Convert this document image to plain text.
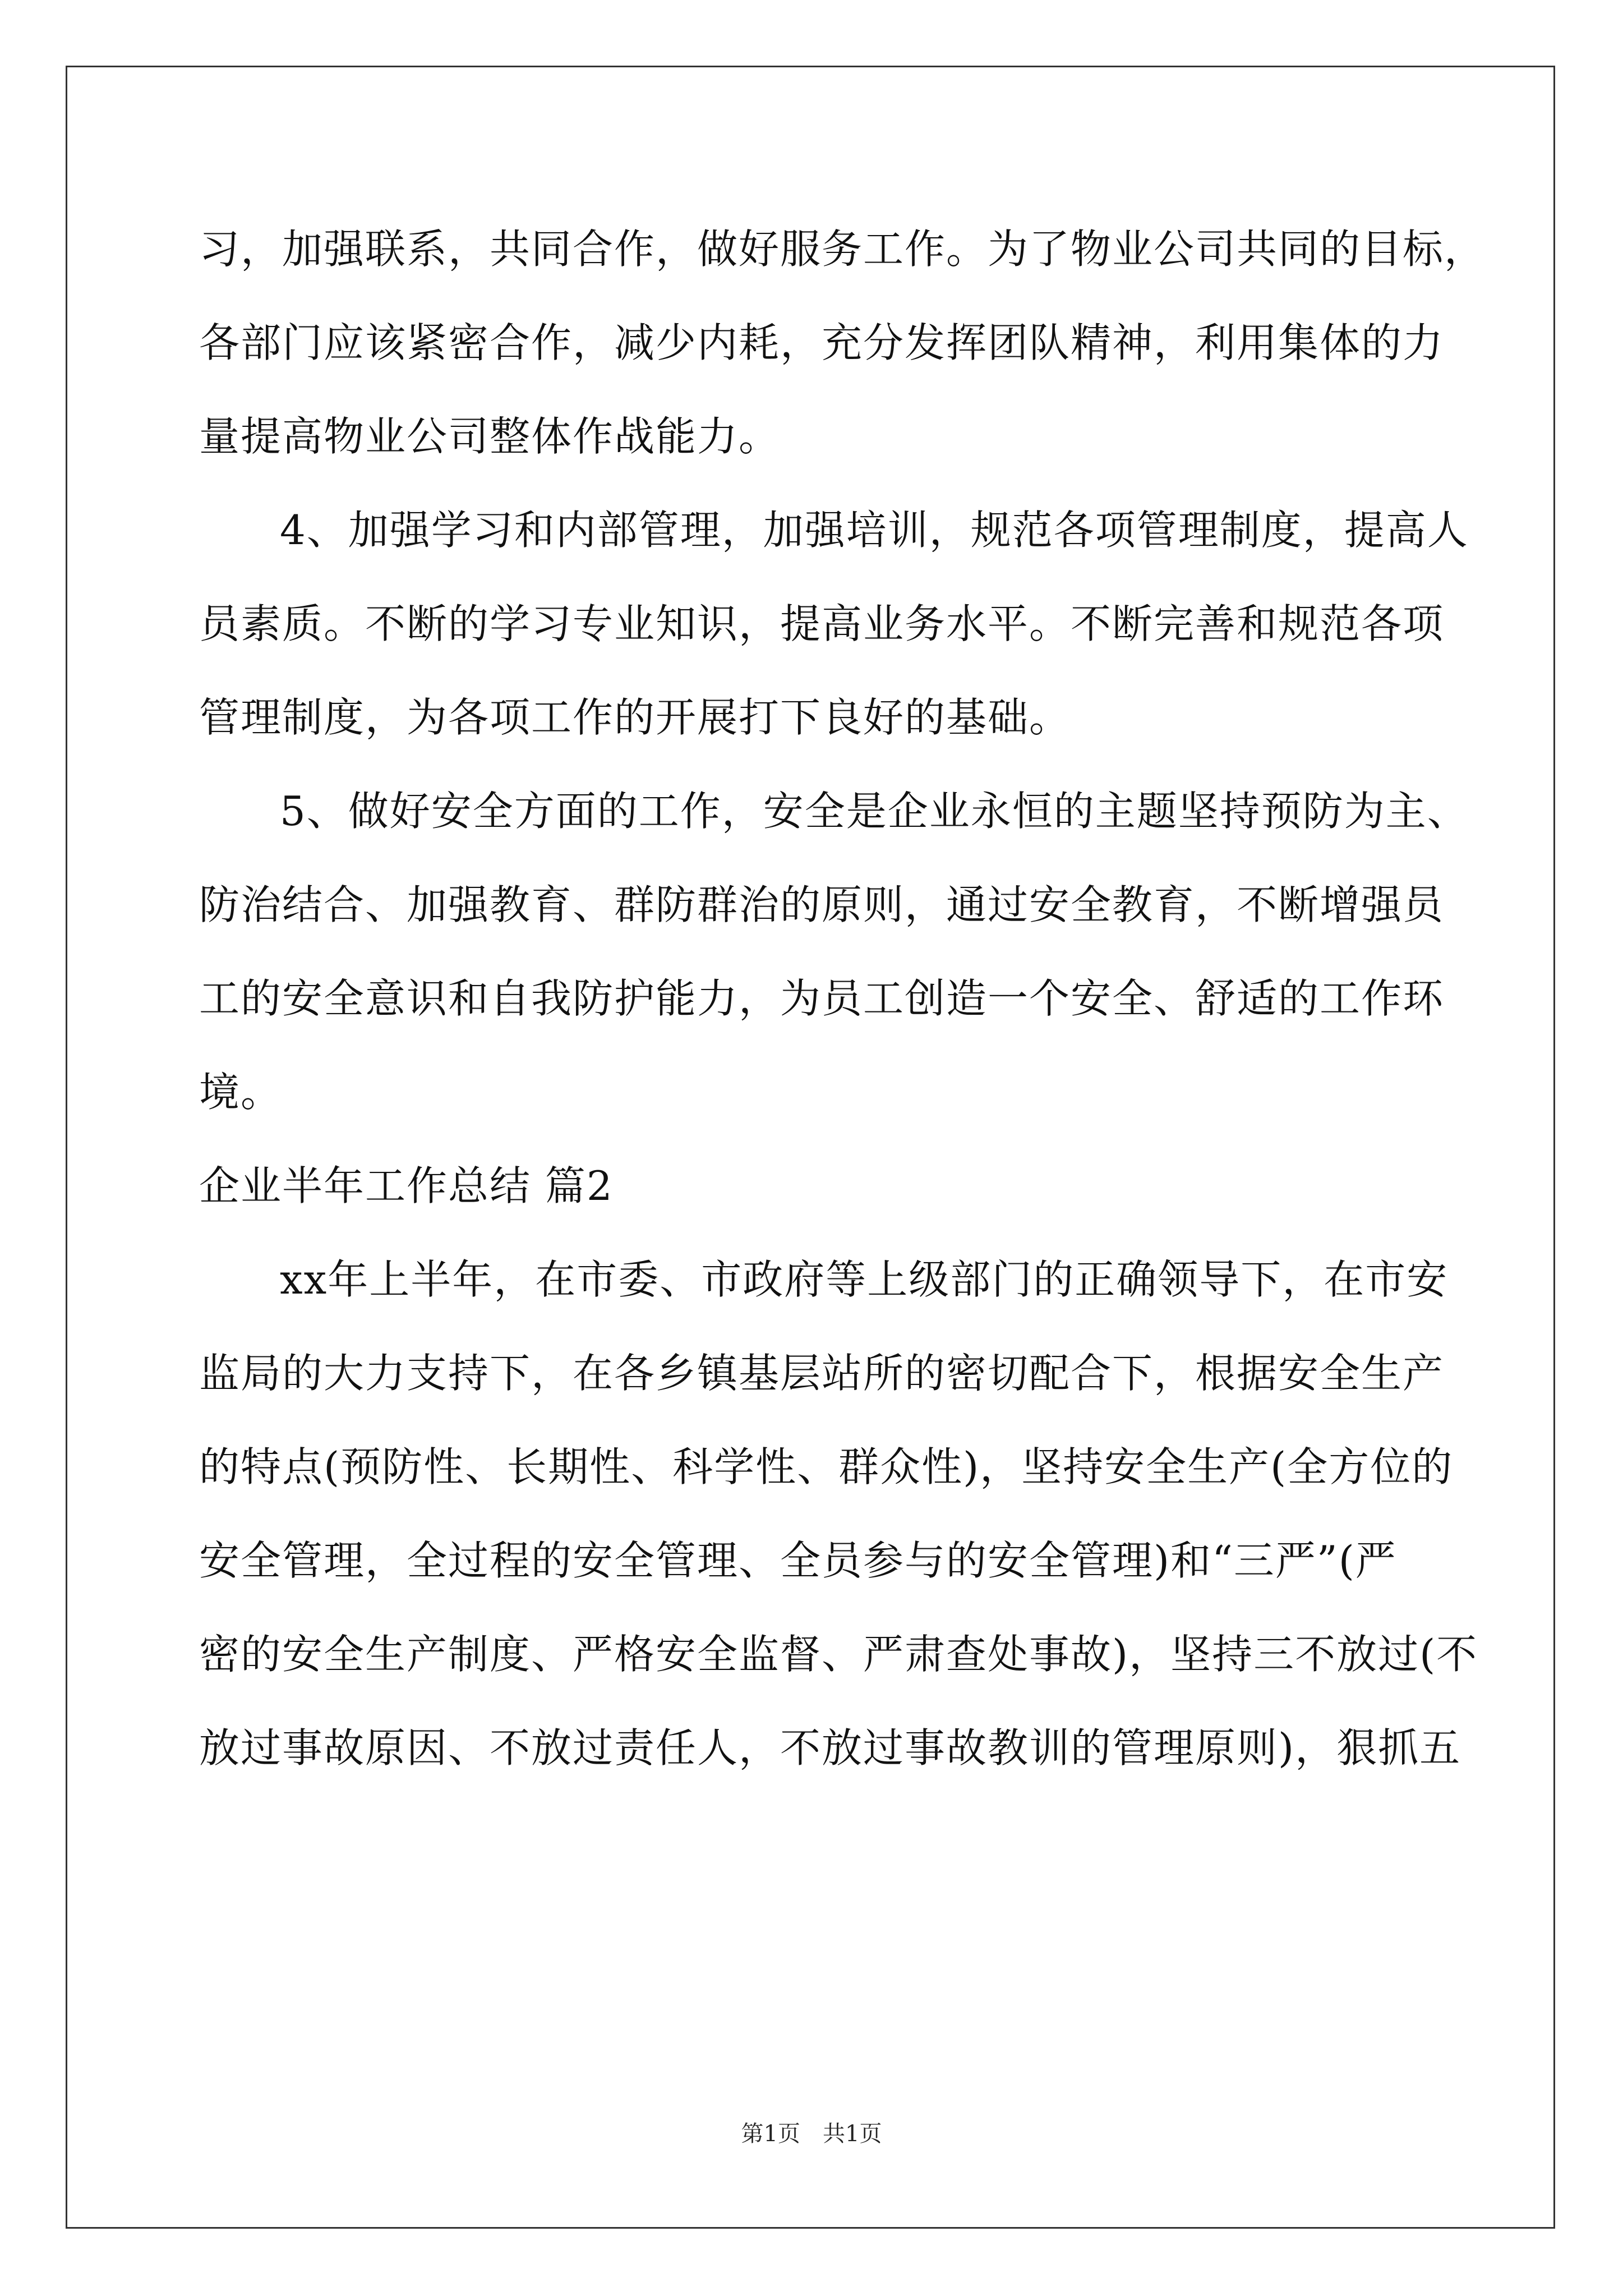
习，加强联系，共同合作，做好服务工作。为了物业公司共同的目标，
各部门应该紧密合作，减少内耗，充分发挥团队精神，利用集体的力
量提高物业公司整体作战能力。
4、加强学习和内部管理，加强培训，规范各项管理制度，提高人
员素质。不断的学习专业知识，提高业务水平。不断完善和规范各项
管理制度，为各项工作的开展打下良好的基础。
5、做好安全方面的工作，安全是企业永恒的主题坚持预防为主、
防治结合、加强教育、群防群治的原则，通过安全教育，不断增强员
工的安全意识和自我防护能力，为员工创造一个安全、舒适的工作环
境。
企业半年工作总结 篇2
xx年上半年，在市委、市政府等上级部门的正确领导下，在市安
监局的大力支持下，在各乡镇基层站所的密切配合下，根据安全生产
的特点(预防性、长期性、科学性、群众性)，坚持安全生产(全方位的
安全管理，全过程的安全管理、全员参与的安全管理)和“三严”(严
密的安全生产制度、严格安全监督、严肃查处事故)，坚持三不放过(不
放过事故原因、不放过责任人，不放过事故教训的管理原则)，狠抓五
第1页　共1页
